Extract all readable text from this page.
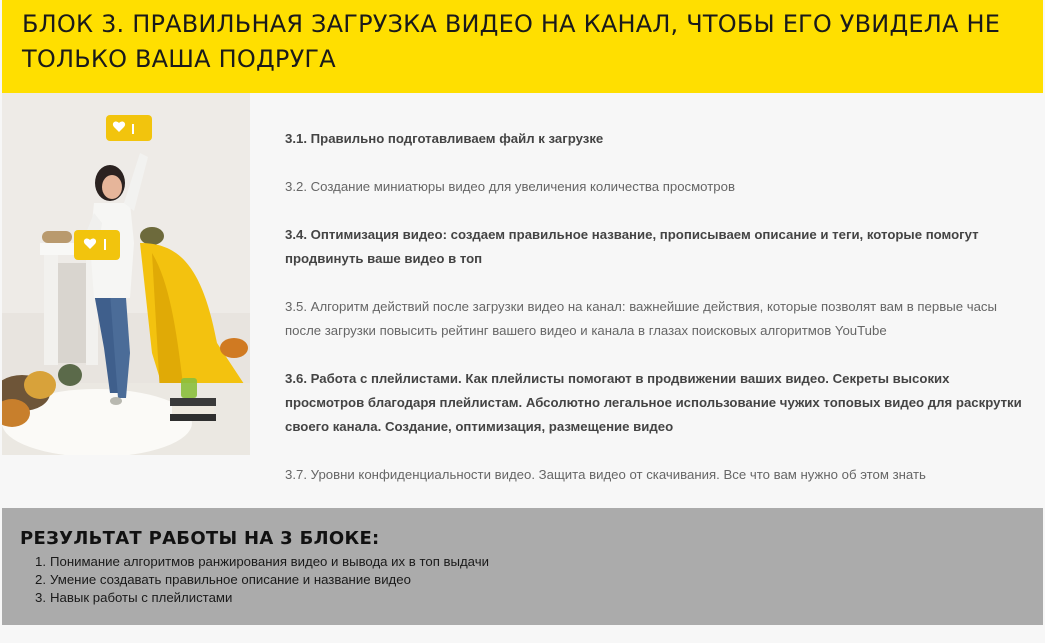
БЛОК 3. ПРАВИЛЬНАЯ ЗАГРУЗКА ВИДЕО НА КАНАЛ, ЧТОБЫ ЕГО УВИДЕЛА НЕ ТОЛЬКО ВАША ПОДРУГА

3.1. Правильно подготавливаем файл к загрузке

3.2. Создание миниатюры видео для увеличения количества просмотров

3.4. Оптимизация видео: создаем правильное название, прописываем описание и теги, которые помогут продвинуть ваше видео в топ

3.5. Алгоритм действий после загрузки видео на канал: важнейшие действия, которые позволят вам в первые часы после загрузки повысить рейтинг вашего видео и канала в глазах поисковых алгоритмов YouTube

3.6. Работа с плейлистами. Как плейлисты помогают в продвижении ваших видео. Секреты высоких просмотров благодаря плейлистам. Абсолютно легальное использование чужих топовых видео для раскрутки своего канала. Создание, оптимизация, размещение видео

3.7. Уровни конфиденциальности видео. Защита видео от скачивания. Все что вам нужно об этом знать

РЕЗУЛЬТАТ РАБОТЫ НА 3 БЛОКЕ:
1. Понимание алгоритмов ранжирования видео и вывода их в топ выдачи
2. Умение создавать правильное описание и название видео
3. Навык работы с плейлистами
